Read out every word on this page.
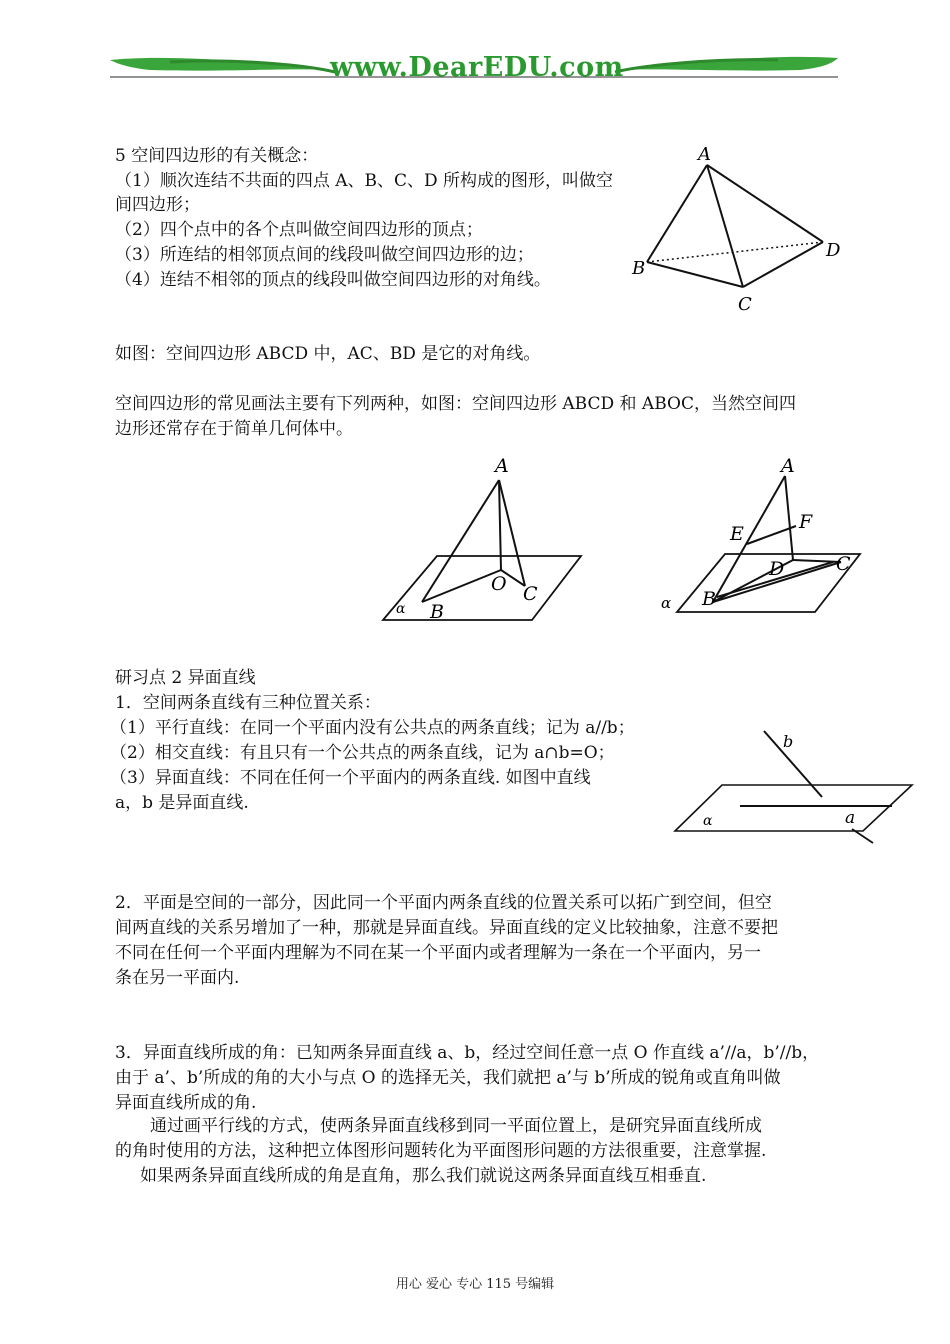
www.DearEDU.com
5 空间四边形的有关概念：
（1）顺次连结不共面的四点 A、B、C、D 所构成的图形，叫做空
间四边形；
（2）四个点中的各个点叫做空间四边形的顶点；
（3）所连结的相邻顶点间的线段叫做空间四边形的边；
（4）连结不相邻的顶点的线段叫做空间四边形的对角线。
A
B
C
D
如图：空间四边形 ABCD 中，AC、BD 是它的对角线。
空间四边形的常见画法主要有下列两种，如图：空间四边形 ABCD 和 ABOC，当然空间四
边形还常存在于简单几何体中。
A
O C
B
α
A
F
E
D	C
B
α
研习点 2 异面直线
1．空间两条直线有三种位置关系：
（1）平行直线：在同一个平面内没有公共点的两条直线；记为 a//b；
（2）相交直线：有且只有一个公共点的两条直线，记为 a∩b=O；
（3）异面直线：不同在任何一个平面内的两条直线. 如图中直线
a，b 是异面直线.
b
a
α
2．平面是空间的一部分，因此同一个平面内两条直线的位置关系可以拓广到空间，但空
间两直线的关系另增加了一种，那就是异面直线。异面直线的定义比较抽象，注意不要把
不同在任何一个平面内理解为不同在某一个平面内或者理解为一条在一个平面内，另一
条在另一平面内.
3．异面直线所成的角：已知两条异面直线 a、b，经过空间任意一点 O 作直线 a’//a，b’//b，
由于 a’、b’所成的角的大小与点 O 的选择无关，我们就把 a’与 b’所成的锐角或直角叫做
异面直线所成的角.
通过画平行线的方式，使两条异面直线移到同一平面位置上，是研究异面直线所成
的角时使用的方法，这种把立体图形问题转化为平面图形问题的方法很重要，注意掌握.
如果两条异面直线所成的角是直角，那么我们就说这两条异面直线互相垂直.
用心 爱心 专心 115 号编辑
